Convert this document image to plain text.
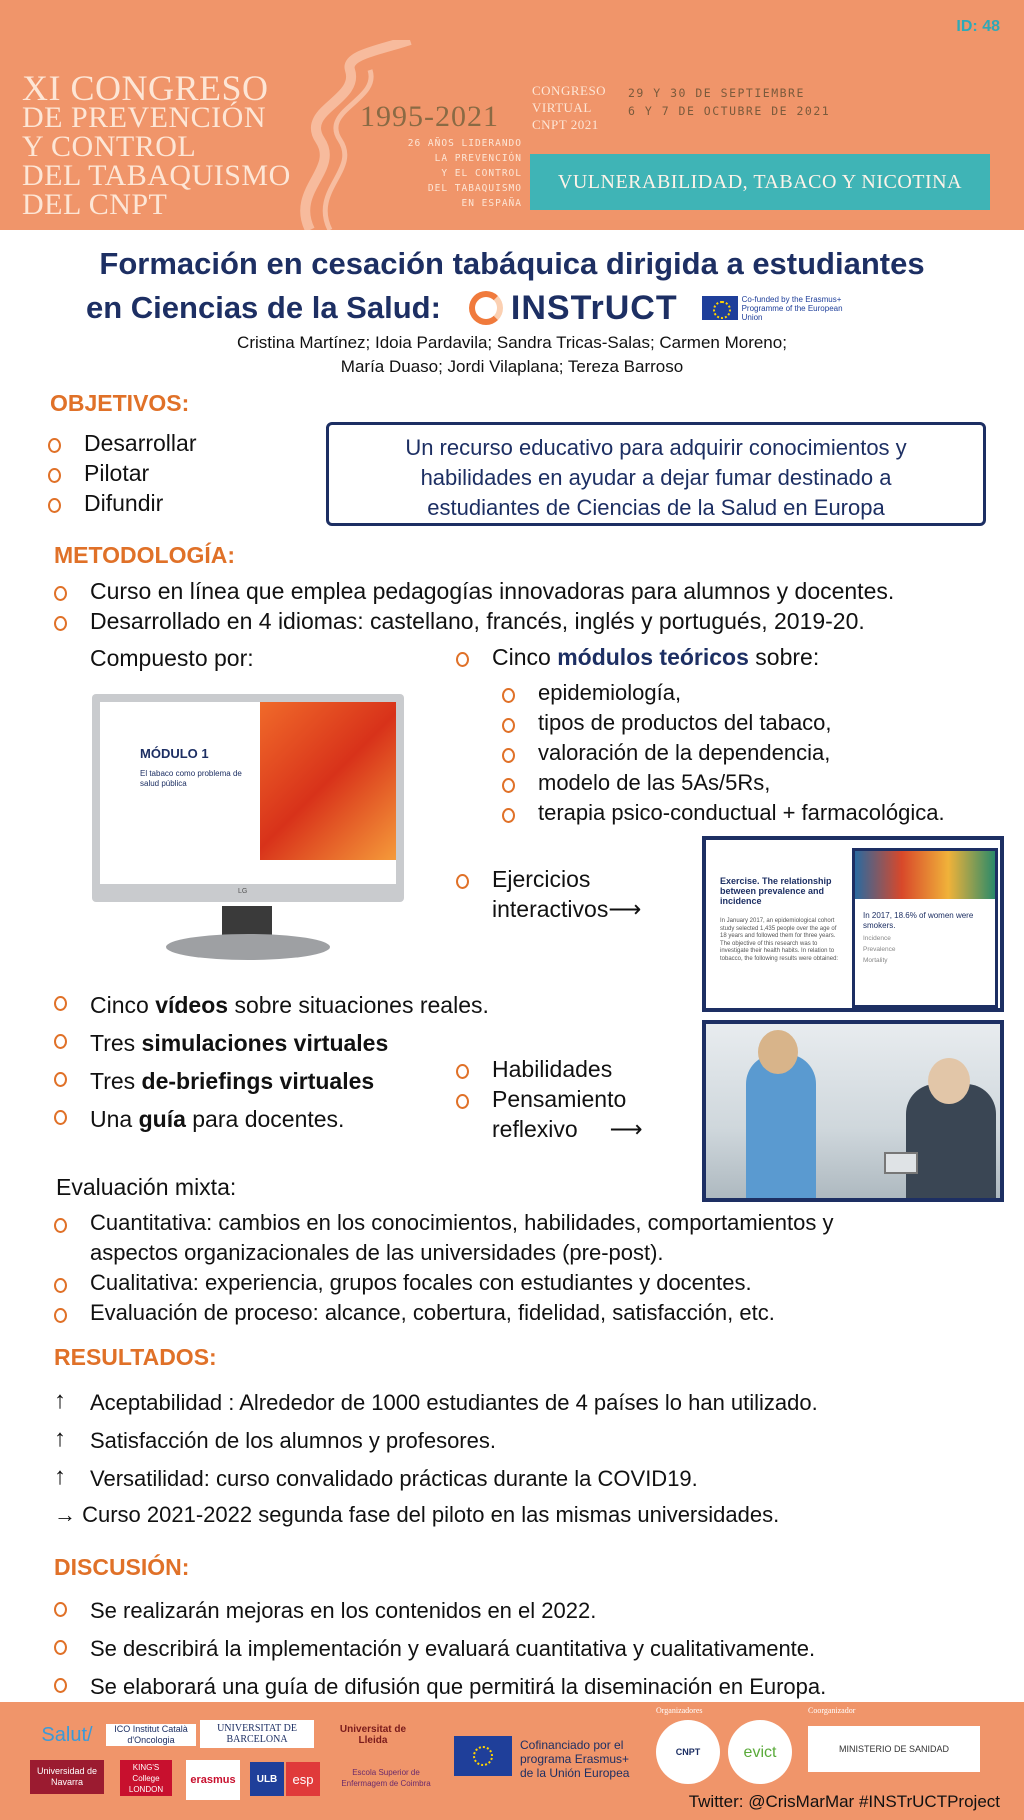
ID: 48
XI CONGRESO
DE PREVENCIÓN
Y CONTROL
DEL TABAQUISMO
DEL CNPT
1995-2021
26 AÑOS LIDERANDO
LA PREVENCIÓN
Y EL CONTROL
DEL TABAQUISMO
EN ESPAÑA
CONGRESO
VIRTUAL
CNPT 2021
29 Y 30 DE SEPTIEMBRE
6 Y 7 DE OCTUBRE DE 2021
VULNERABILIDAD, TABACO Y NICOTINA
Formación en cesación tabáquica dirigida a estudiantes
en Ciencias de la Salud: INSTrUCT	Co-funded by the Erasmus+ Programme of the European Union
Cristina Martínez; Idoia Pardavila; Sandra Tricas-Salas; Carmen Moreno;
María Duaso; Jordi Vilaplana; Tereza Barroso
OBJETIVOS:
Desarrollar
Pilotar
Difundir
Un recurso educativo para adquirir conocimientos y
habilidades en ayudar a dejar fumar destinado a
estudiantes de Ciencias de la Salud en Europa
METODOLOGÍA:
Curso en línea que emplea pedagogías innovadoras para alumnos y docentes.
Desarrollado en 4 idiomas: castellano, francés, inglés y portugués, 2019-20.
Compuesto por:	Cinco módulos teóricos sobre:
epidemiología,
tipos de productos del tabaco,
valoración de la dependencia,
modelo de las 5As/5Rs,
terapia psico-conductual + farmacológica.
MÓDULO 1
El tabaco como problema de salud pública
LG	Ejercicios
interactivos⟶
Exercise. The relationship between prevalence and incidence
In January 2017, an epidemiological cohort study selected 1,435 people over the age of 18 years and followed them for three years. The objective of this research was to investigate their health habits. In relation to tobacco, the following results were obtained:
In 2017, 18.6% of women were smokers.
Incidence
Prevalence
Mortality
Cinco vídeos sobre situaciones reales.
Tres simulaciones virtuales
Tres de-briefings virtuales
Una guía para docentes.
Habilidades
Pensamiento
reflexivo     ⟶
Evaluación mixta:
Cuantitativa: cambios en los conocimientos, habilidades, comportamientos y
aspectos organizacionales de las universidades (pre-post).
Cualitativa: experiencia, grupos focales con estudiantes y docentes.
Evaluación de proceso: alcance, cobertura, fidelidad, satisfacción, etc.
RESULTADOS:
↑ Aceptabilidad : Alrededor de 1000 estudiantes de 4 países lo han utilizado.
↑ Satisfacción de los alumnos y profesores.
↑ Versatilidad: curso convalidado prácticas durante la COVID19.
→ Curso 2021-2022 segunda fase del piloto en las mismas universidades.
DISCUSIÓN:
Se realizarán mejoras en los contenidos en el 2022.
Se describirá la implementación y evaluará cuantitativa y cualitativamente.
Se elaborará una guía de difusión que permitirá la diseminación en Europa.
Salut/	ICO Institut Català d'Oncologia
UNIVERSITAT DE BARCELONA
Universitat de Lleida
Universidad de Navarra
KING'S College LONDON
erasmus	ULB	esp	Escola Superior de Enfermagem de Coimbra
Cofinanciado por el
programa Erasmus+
de la Unión Europea
Organizadores
CNPT	evict
Coorganizador
MINISTERIO DE SANIDAD
Twitter: @CrisMarMar #INSTrUCTProject
